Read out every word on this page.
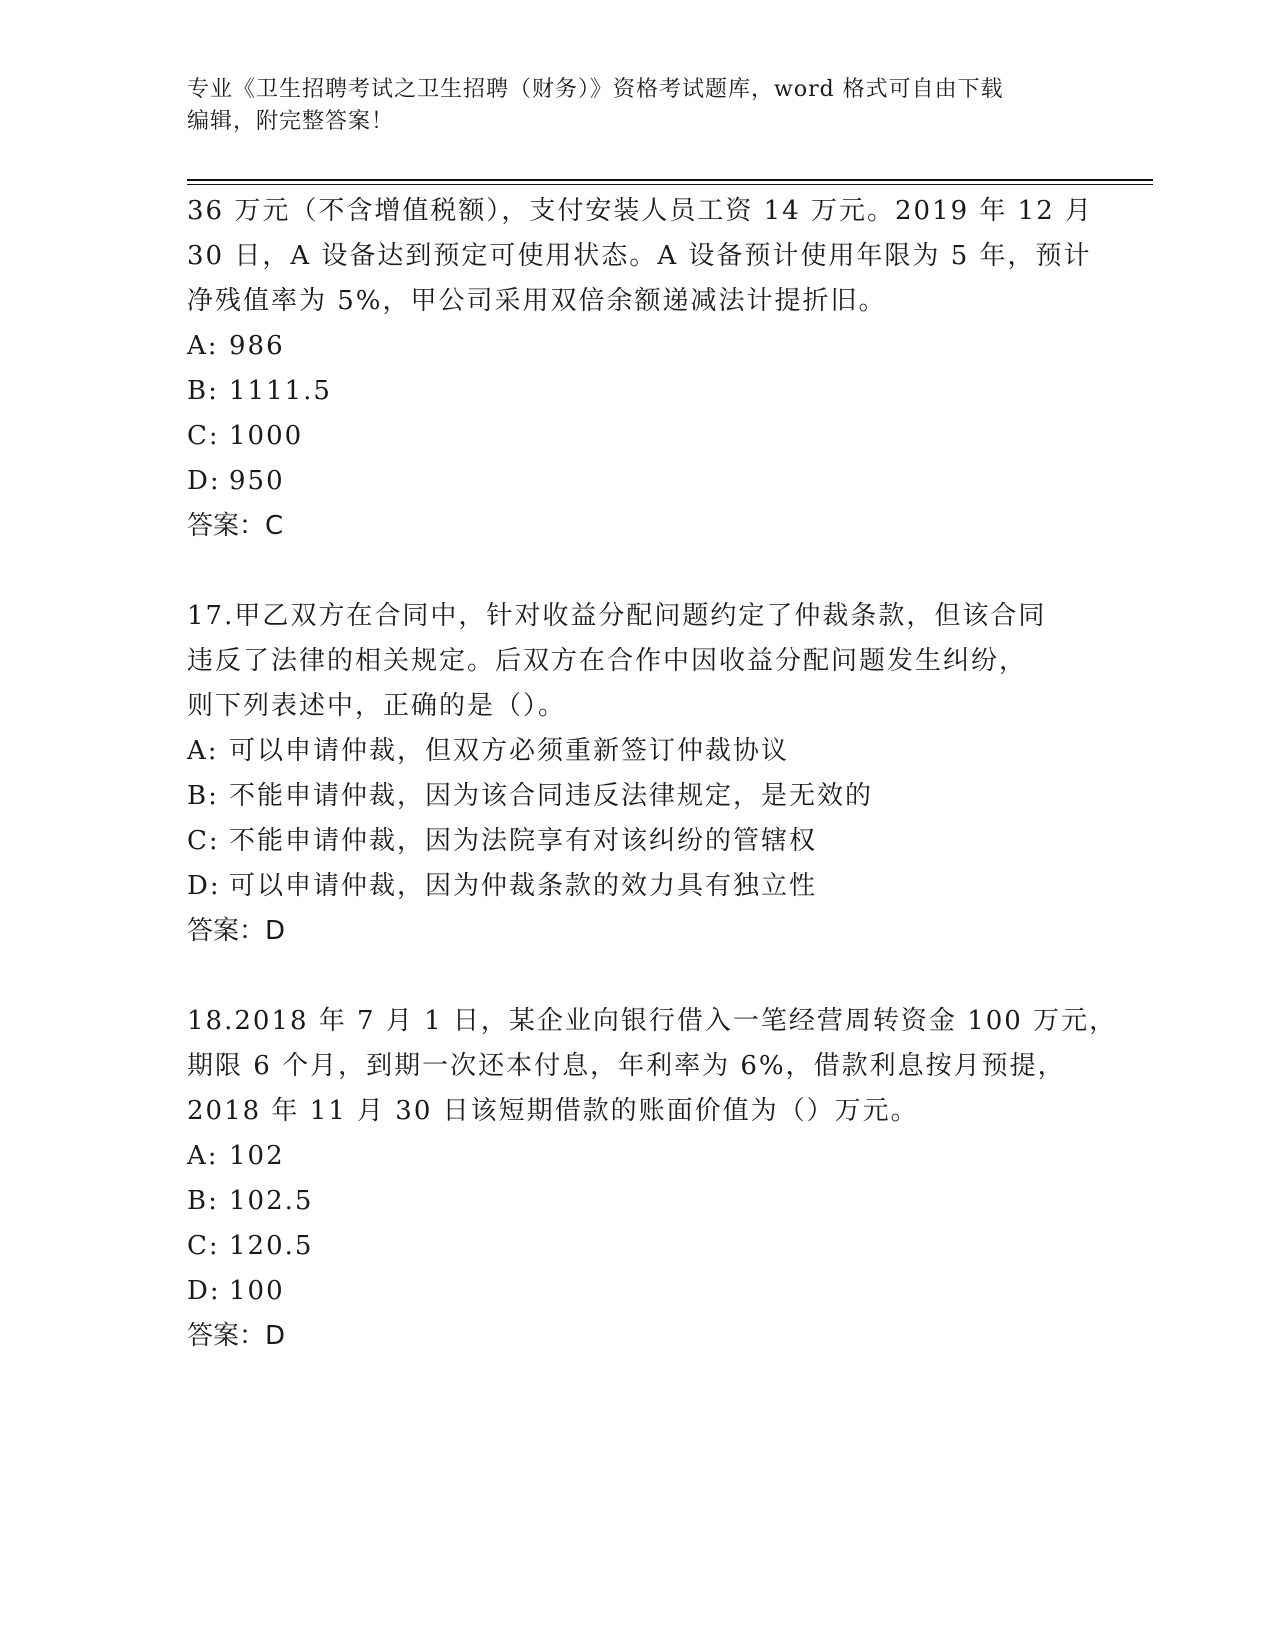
专业《卫生招聘考试之卫生招聘（财务）》资格考试题库，word 格式可自由下载

编辑，附完整答案！

36 万元（不含增值税额），支付安装人员工资 14 万元。2019 年 12 月
30 日，A 设备达到预定可使用状态。A 设备预计使用年限为 5 年，预计
净残值率为 5%，甲公司采用双倍余额递减法计提折旧。
A: 986
B: 1111.5
C: 1000
D: 950
答案：C
17.甲乙双方在合同中，针对收益分配问题约定了仲裁条款，但该合同
违反了法律的相关规定。后双方在合作中因收益分配问题发生纠纷，
则下列表述中，正确的是（）。
A: 可以申请仲裁，但双方必须重新签订仲裁协议
B: 不能申请仲裁，因为该合同违反法律规定，是无效的
C: 不能申请仲裁，因为法院享有对该纠纷的管辖权
D: 可以申请仲裁，因为仲裁条款的效力具有独立性
答案：D
18.2018 年 7 月 1 日，某企业向银行借入一笔经营周转资金 100 万元，
期限 6 个月，到期一次还本付息，年利率为 6%，借款利息按月预提，
2018 年 11 月 30 日该短期借款的账面价值为（）万元。
A: 102
B: 102.5
C: 120.5
D: 100
答案：D
